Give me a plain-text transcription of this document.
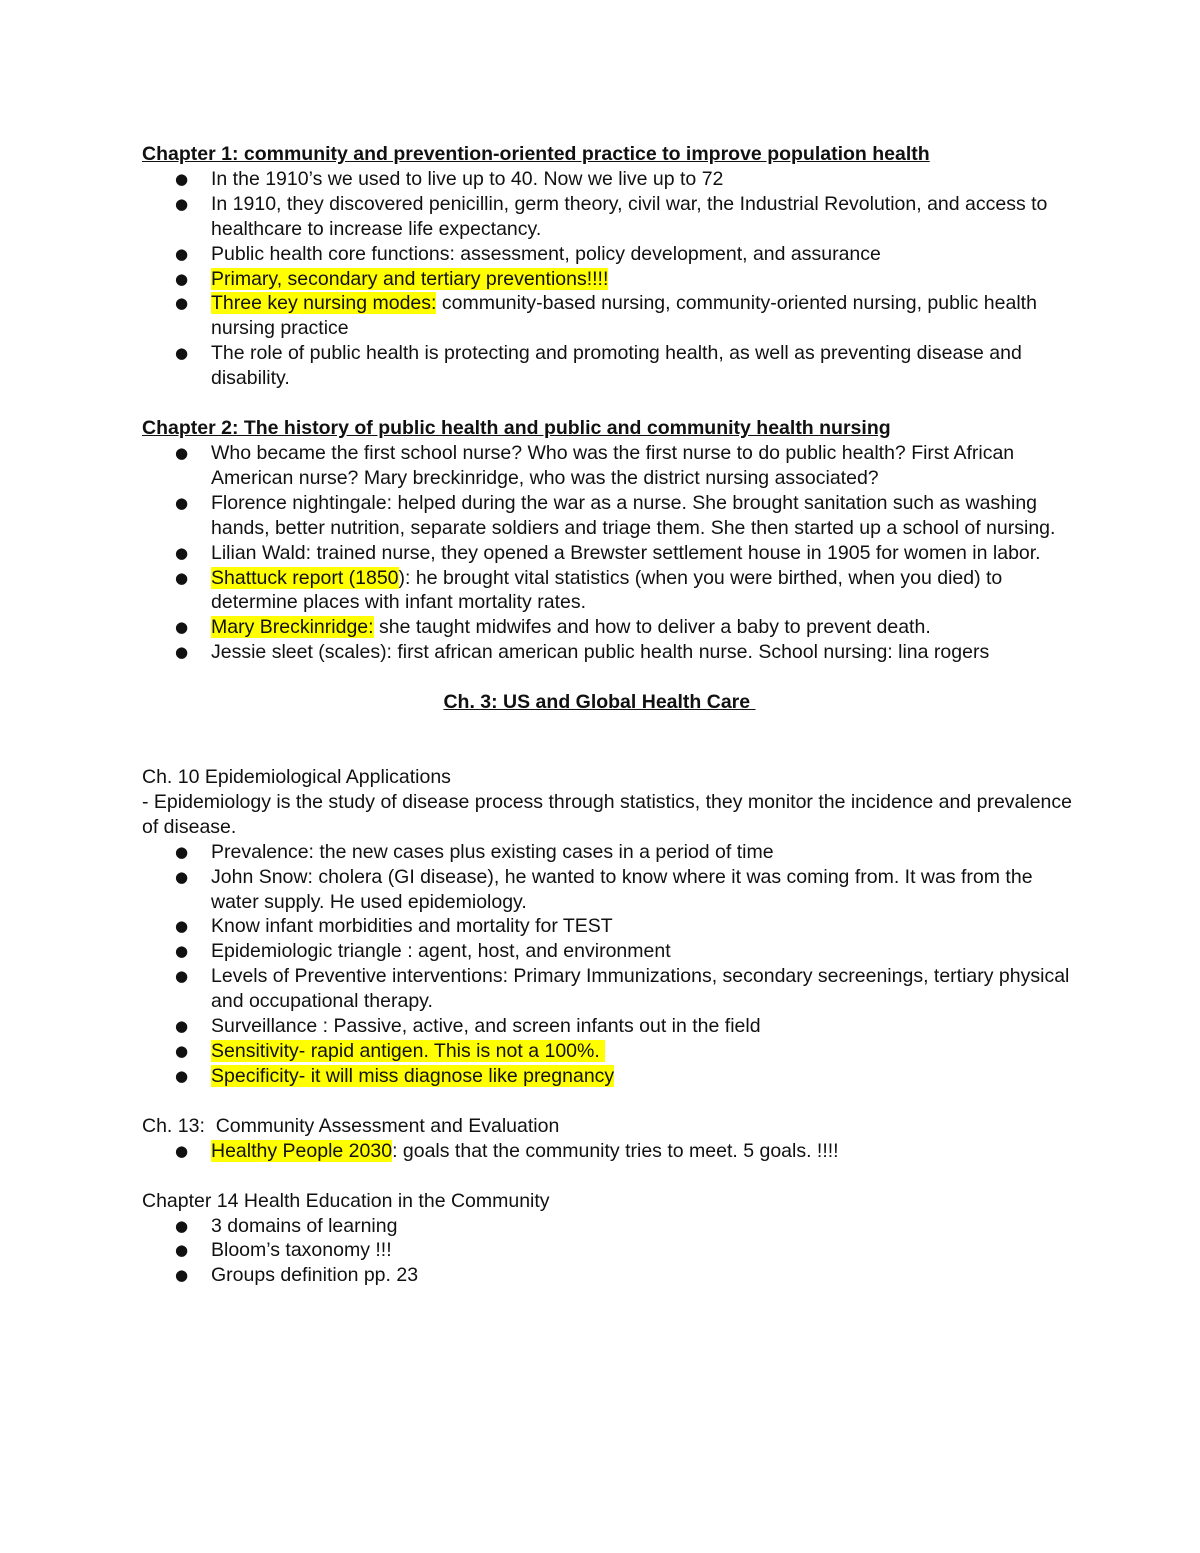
Chapter 1: community and prevention-oriented practice to improve population health

● In the 1910’s we used to live up to 40. Now we live up to 72
● In 1910, they discovered penicillin, germ theory, civil war, the Industrial Revolution, and access to healthcare to increase life expectancy.
● Public health core functions: assessment, policy development, and assurance
● Primary, secondary and tertiary preventions!!!!
● Three key nursing modes: community-based nursing, community-oriented nursing, public health nursing practice
● The role of public health is protecting and promoting health, as well as preventing disease and disability.

Chapter 2: The history of public health and public and community health nursing

● Who became the first school nurse? Who was the first nurse to do public health? First African American nurse? Mary breckinridge, who was the district nursing associated?
● Florence nightingale: helped during the war as a nurse. She brought sanitation such as washing hands, better nutrition, separate soldiers and triage them. She then started up a school of nursing.
● Lilian Wald: trained nurse, they opened a Brewster settlement house in 1905 for women in labor.
● Shattuck report (1850): he brought vital statistics (when you were birthed, when you died) to determine places with infant mortality rates.
● Mary Breckinridge: she taught midwifes and how to deliver a baby to prevent death.
● Jessie sleet (scales): first african american public health nurse. School nursing: lina rogers

Ch. 3: US and Global Health Care

Ch. 10 Epidemiological Applications

- Epidemiology is the study of disease process through statistics, they monitor the incidence and prevalence of disease.

● Prevalence: the new cases plus existing cases in a period of time
● John Snow: cholera (GI disease), he wanted to know where it was coming from. It was from the water supply. He used epidemiology.
● Know infant morbidities and mortality for TEST
● Epidemiologic triangle : agent, host, and environment
● Levels of Preventive interventions: Primary Immunizations, secondary secreenings, tertiary physical and occupational therapy.
● Surveillance : Passive, active, and screen infants out in the field
● Sensitivity- rapid antigen. This is not a 100%.
● Specificity- it will miss diagnose like pregnancy

Ch. 13:  Community Assessment and Evaluation

● Healthy People 2030: goals that the community tries to meet. 5 goals. !!!!

Chapter 14 Health Education in the Community

● 3 domains of learning
● Bloom’s taxonomy !!!
● Groups definition pp. 23
